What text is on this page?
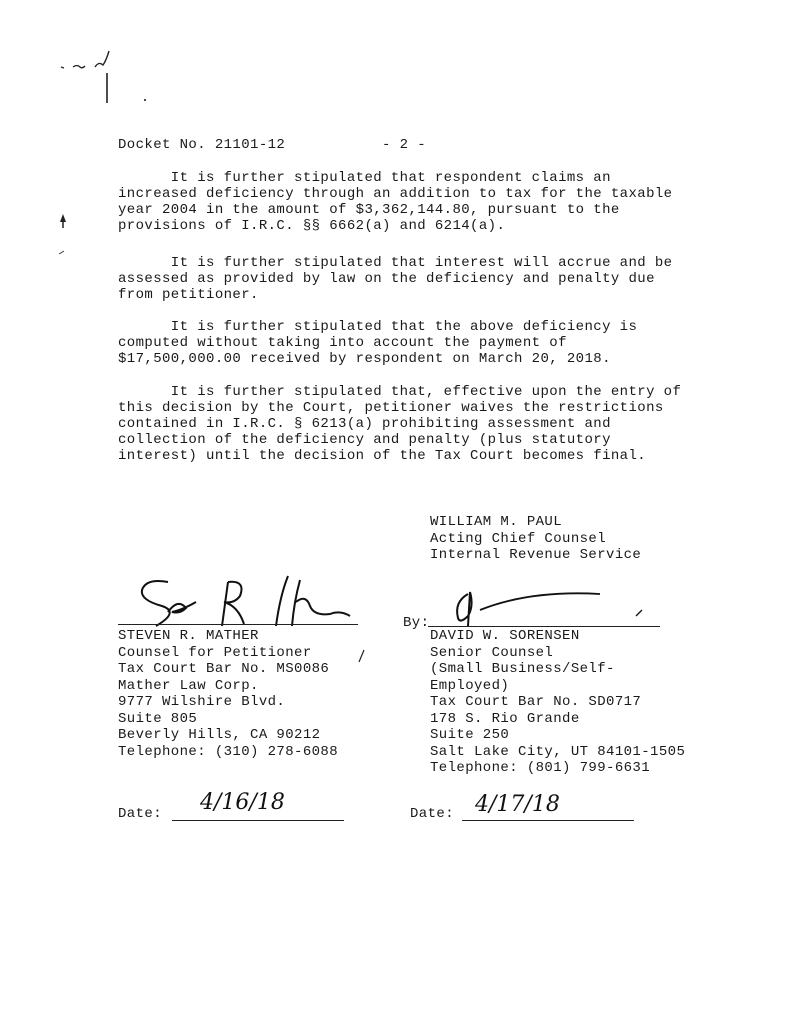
Docket No. 21101-12	- 2 -
It is further stipulated that respondent claims an
increased deficiency through an addition to tax for the taxable
year 2004 in the amount of $3,362,144.80, pursuant to the
provisions of I.R.C. §§ 6662(a) and 6214(a).
It is further stipulated that interest will accrue and be
assessed as provided by law on the deficiency and penalty due
from petitioner.
It is further stipulated that the above deficiency is
computed without taking into account the payment of
$17,500,000.00 received by respondent on March 20, 2018.
It is further stipulated that, effective upon the entry of
this decision by the Court, petitioner waives the restrictions
contained in I.R.C. § 6213(a) prohibiting assessment and
collection of the deficiency and penalty (plus statutory
interest) until the decision of the Tax Court becomes final.
WILLIAM M. PAUL
Acting Chief Counsel
Internal Revenue Service
By:
STEVEN R. MATHER
Counsel for Petitioner
Tax Court Bar No. MS0086
Mather Law Corp.
9777 Wilshire Blvd.
Suite 805
Beverly Hills, CA 90212
Telephone: (310) 278-6088
DAVID W. SORENSEN
Senior Counsel
(Small Business/Self-
Employed)
Tax Court Bar No. SD0717
178 S. Rio Grande
Suite 250
Salt Lake City, UT 84101-1505
Telephone: (801) 799-6631
Date: 4/16/18	Date: 4/17/18
